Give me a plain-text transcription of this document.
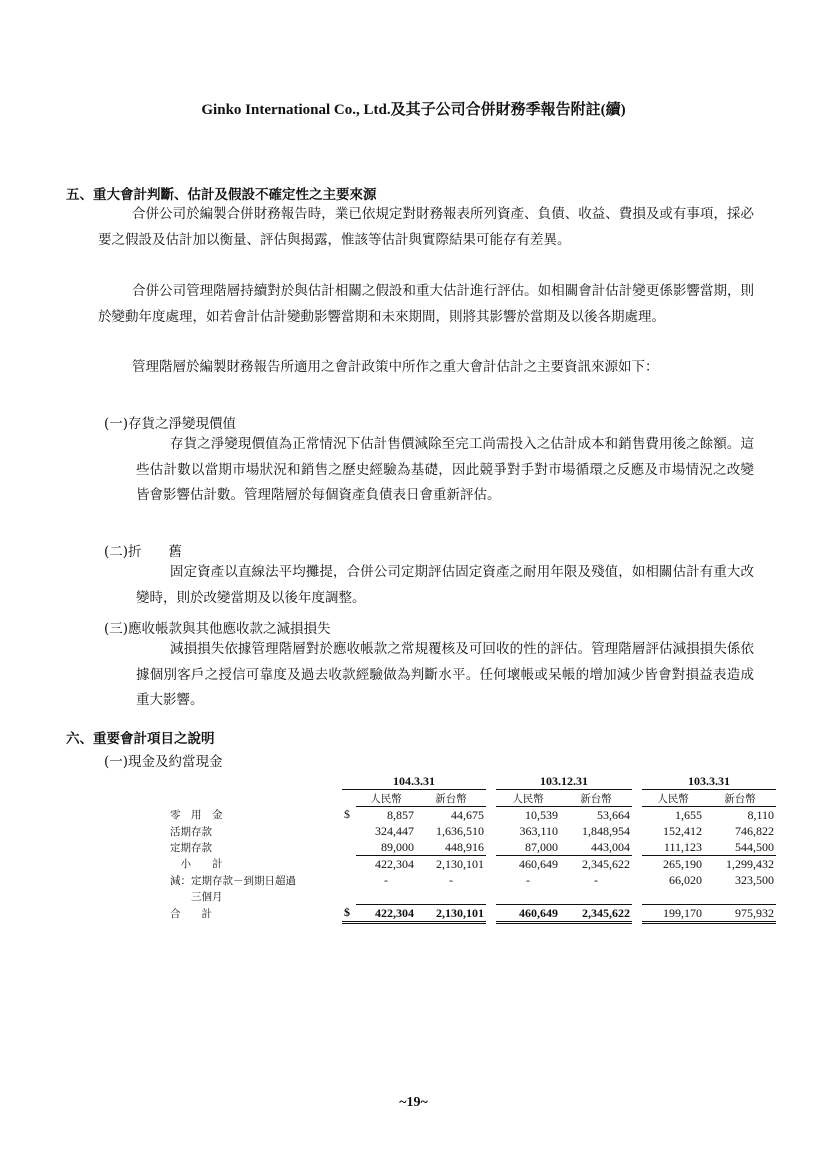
Ginko International Co., Ltd.及其子公司合併財務季報告附註(續)
五、重大會計判斷、估計及假設不確定性之主要來源
合併公司於編製合併財務報告時，業已依規定對財務報表所列資產、負債、收益、費損及或有事項，採必要之假設及估計加以衡量、評估與揭露，惟該等估計與實際結果可能存有差異。
合併公司管理階層持續對於與估計相關之假設和重大估計進行評估。如相關會計估計變更係影響當期，則於變動年度處理，如若會計估計變動影響當期和未來期間，則將其影響於當期及以後各期處理。
管理階層於編製財務報告所適用之會計政策中所作之重大會計估計之主要資訊來源如下：
(一)存貨之淨變現價值
存貨之淨變現價值為正常情況下估計售價減除至完工尚需投入之估計成本和銷售費用後之餘額。這些估計數以當期市場狀況和銷售之歷史經驗為基礎，因此競爭對手對市場循環之反應及市場情況之改變皆會影響估計數。管理階層於每個資產負債表日會重新評估。
(二)折　　舊
固定資產以直線法平均攤提，合併公司定期評估固定資產之耐用年限及殘值，如相關估計有重大改變時，則於改變當期及以後年度調整。
(三)應收帳款與其他應收款之減損損失
減損損失依據管理階層對於應收帳款之常規覆核及可回收的性的評估。管理階層評估減損損失係依據個別客戶之授信可靠度及過去收款經驗做為判斷水平。任何壞帳或呆帳的增加減少皆會對損益表造成重大影響。
六、重要會計項目之說明
(一)現金及約當現金
	104.3.31				103.12.31			103.3.31	
		人民幣	新台幣		人民幣	新台幣		人民幣	新台幣
零　用　金	$	8,857	44,675		10,539	53,664		1,655	8,110
活期存款		324,447	1,636,510		363,110	1,848,954		152,412	746,822
定期存款		89,000	448,916		87,000	443,004		111,123	544,500
　小　　計		422,304	2,130,101		460,649	2,345,622		265,190	1,299,432
減：定期存款－到期日超過		-	-		-	-		66,020	323,500
　　三個月									
合　　計	$	422,304	2,130,101		460,649	2,345,622		199,170	975,932
~19~
